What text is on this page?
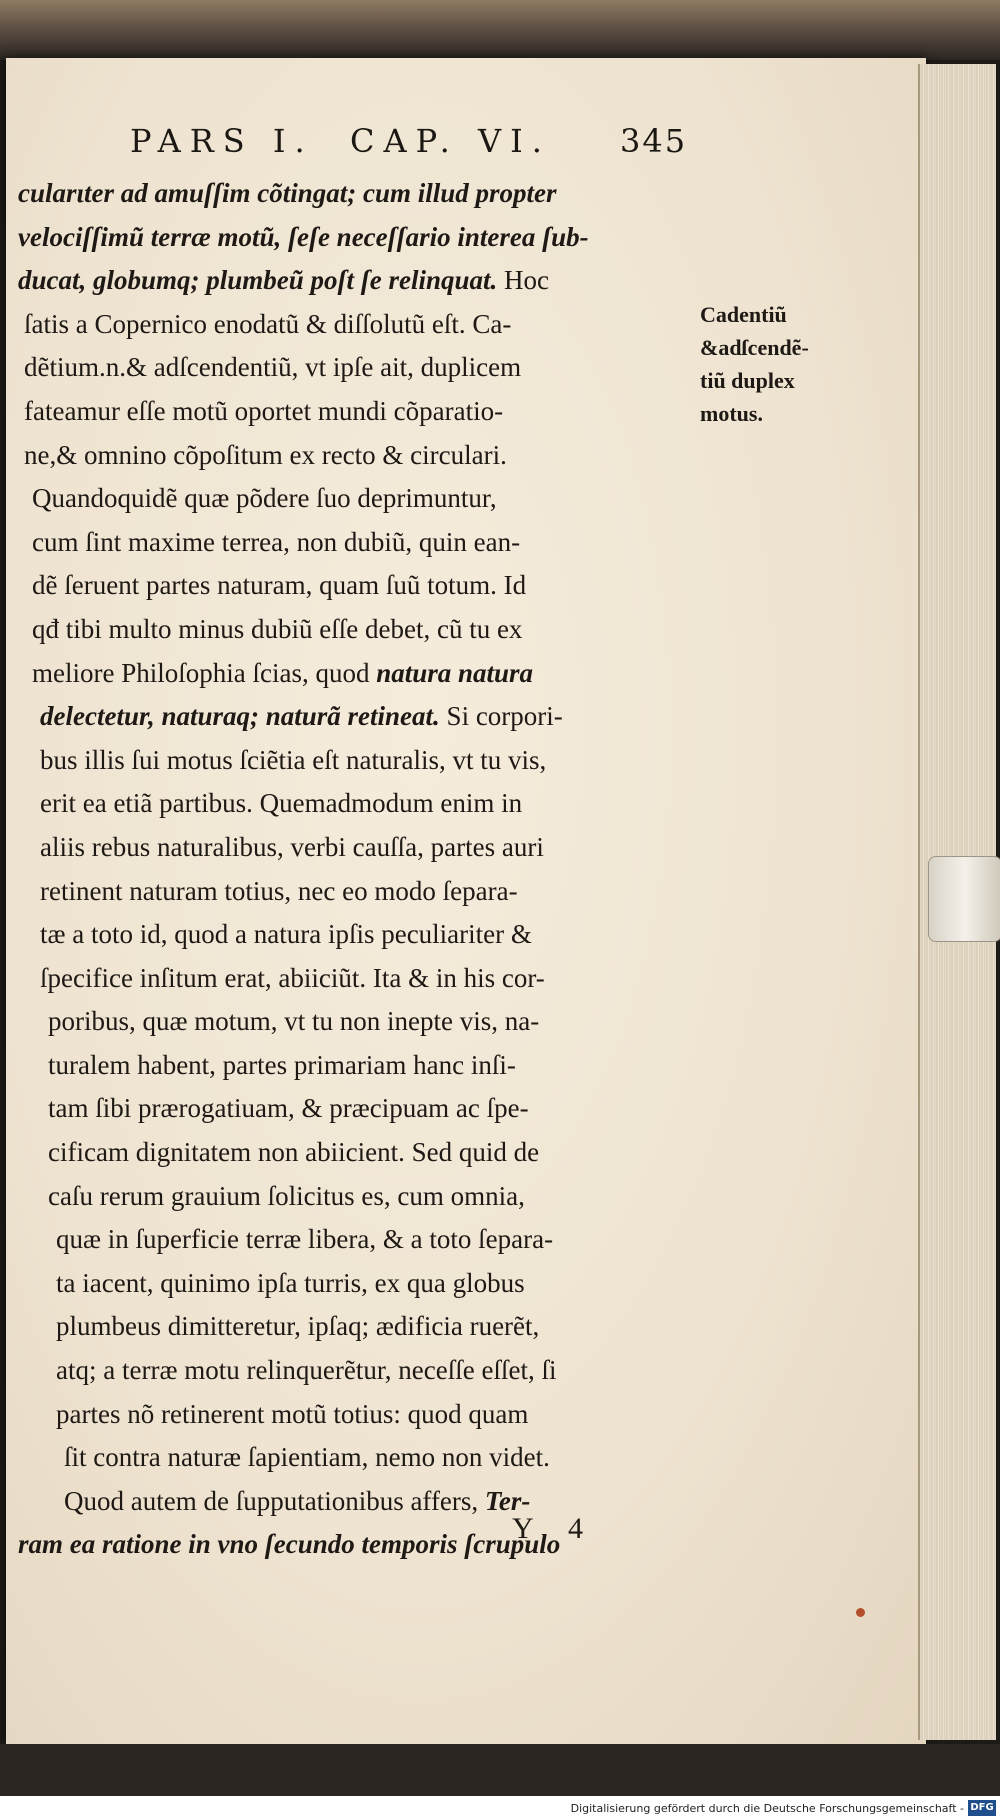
PARS I. CAP. VI. 345
cularιter ad amuſſim cõtingat; cum illud propter
velociſſimũ terræ motũ, ſeſe neceſſario interea ſub-
ducat, globumq; plumbeũ poſt ſe relinquat. Hoc
ſatis a Copernico enodatũ & diſſolutũ eſt. Ca-
dẽtium.n.& adſcendentiũ, vt ipſe ait, duplicem
fateamur eſſe motũ oportet mundi cõparatio-
ne,& omnino cõpoſitum ex recto & circulari.
Quandoquidẽ quæ põdere ſuo deprimuntur,
cum ſint maxime terrea, non dubiũ, quin ean-
dẽ ſeruent partes naturam, quam ſuũ totum. Id
qđ tibi multo minus dubiũ eſſe debet, cũ tu ex
meliore Philoſophia ſcias, quod natura natura
delectetur, naturaq; naturã retineat. Si corpori-
bus illis ſui motus ſciẽtia eſt naturalis, vt tu vis,
erit ea etiã partibus. Quemadmodum enim in
aliis rebus naturalibus, verbi cauſſa, partes auri
retinent naturam totius, nec eo modo ſepara-
tæ a toto id, quod a natura ipſis peculiariter &
ſpecifice inſitum erat, abiiciũt. Ita & in his cor-
poribus, quæ motum, vt tu non inepte vis, na-
turalem habent, partes primariam hanc inſi-
tam ſibi prærogatiuam, & præcipuam ac ſpe-
cificam dignitatem non abiicient. Sed quid de
caſu rerum grauium ſolicitus es, cum omnia,
quæ in ſuperficie terræ libera, & a toto ſepara-
ta iacent, quinimo ipſa turris, ex qua globus
plumbeus dimitteretur, ipſaq; ædificia ruerẽt,
atq; a terræ motu relinquerẽtur, neceſſe eſſet, ſi
partes nõ retinerent motũ totius: quod quam
ſit contra naturæ ſapientiam, nemo non videt.
Quod autem de ſupputationibus affers, Ter-
ram ea ratione in vno ſecundo temporis ſcrupulo
Cadentiũ
&adſcendẽ-
tiũ duplex
motus.
Y 4
Digitalisierung gefördert durch die Deutsche Forschungsgemeinschaft - DFG
